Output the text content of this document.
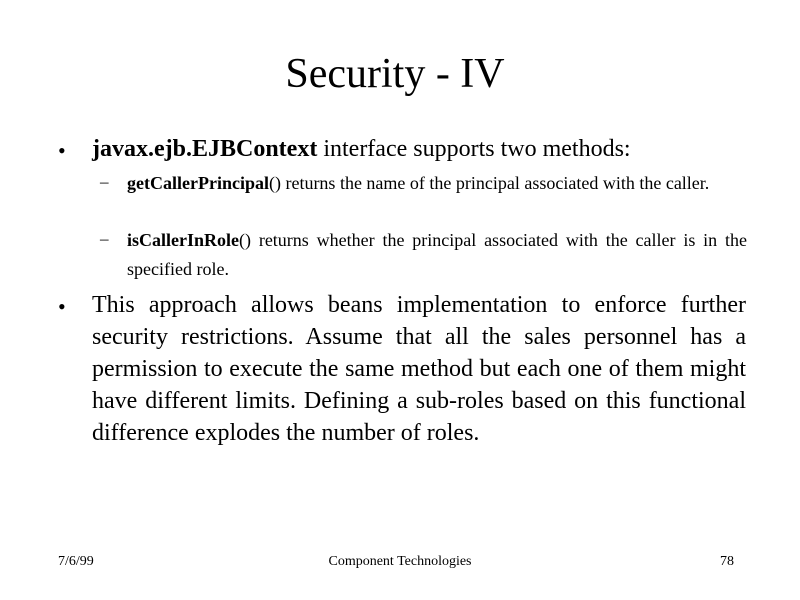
Security - IV
• javax.ejb.EJBContext interface supports two methods:
– getCallerPrincipal() returns the name of the principal associated with the caller.
– isCallerInRole() returns whether the principal associated with the caller is in the specified role.
• This approach allows beans implementation to enforce further security restrictions. Assume that all the sales personnel has a permission to execute the same method but each one of them might have different limits. Defining a sub-roles based on this functional difference explodes the number of roles.
7/6/99	Component Technologies	78
